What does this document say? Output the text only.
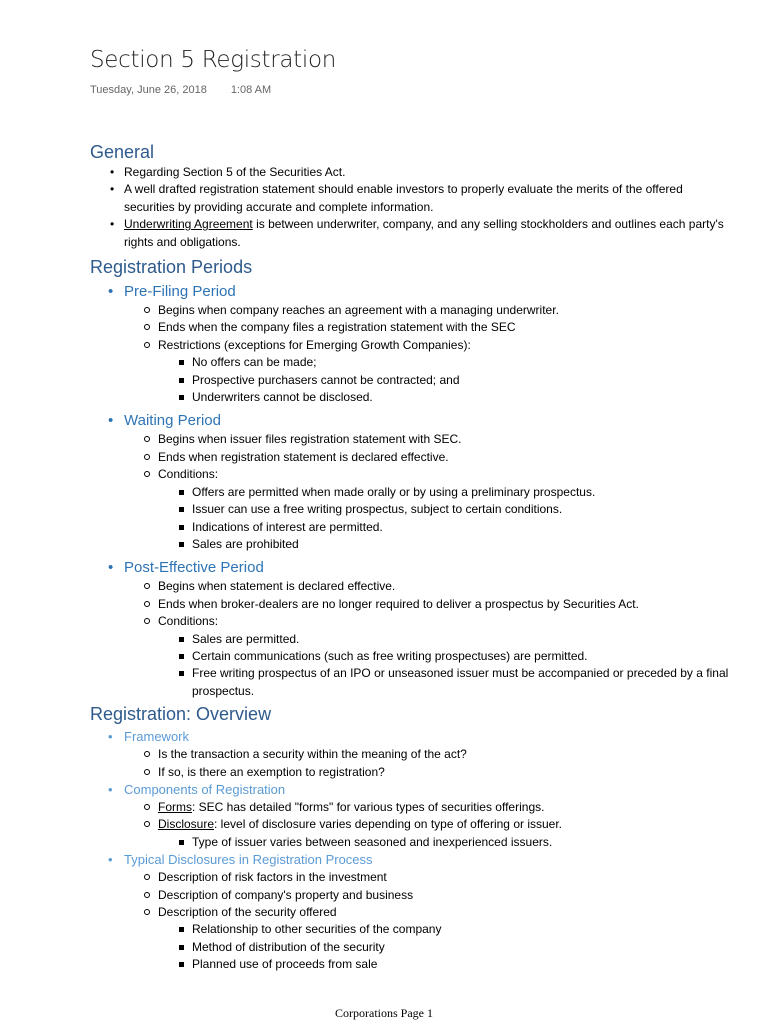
Section 5 Registration
Tuesday, June 26, 2018 1:08 AM
General
• Regarding Section 5 of the Securities Act.
• A well drafted registration statement should enable investors to properly evaluate the merits of the offered securities by providing accurate and complete information.
• Underwriting Agreement is between underwriter, company, and any selling stockholders and outlines each party's rights and obligations.
Registration Periods
• Pre-Filing Period
Begins when company reaches an agreement with a managing underwriter.
Ends when the company files a registration statement with the SEC
Restrictions (exceptions for Emerging Growth Companies):
No offers can be made;
Prospective purchasers cannot be contracted; and
Underwriters cannot be disclosed.
• Waiting Period
Begins when issuer files registration statement with SEC.
Ends when registration statement is declared effective.
Conditions:
Offers are permitted when made orally or by using a preliminary prospectus.
Issuer can use a free writing prospectus, subject to certain conditions.
Indications of interest are permitted.
Sales are prohibited
• Post-Effective Period
Begins when statement is declared effective.
Ends when broker-dealers are no longer required to deliver a prospectus by Securities Act.
Conditions:
Sales are permitted.
Certain communications (such as free writing prospectuses) are permitted.
Free writing prospectus of an IPO or unseasoned issuer must be accompanied or preceded by a final prospectus.
Registration: Overview
• Framework
Is the transaction a security within the meaning of the act?
If so, is there an exemption to registration?
• Components of Registration
Forms: SEC has detailed "forms" for various types of securities offerings.
Disclosure: level of disclosure varies depending on type of offering or issuer.
Type of issuer varies between seasoned and inexperienced issuers.
• Typical Disclosures in Registration Process
Description of risk factors in the investment
Description of company's property and business
Description of the security offered
Relationship to other securities of the company
Method of distribution of the security
Planned use of proceeds from sale
Corporations Page 1
